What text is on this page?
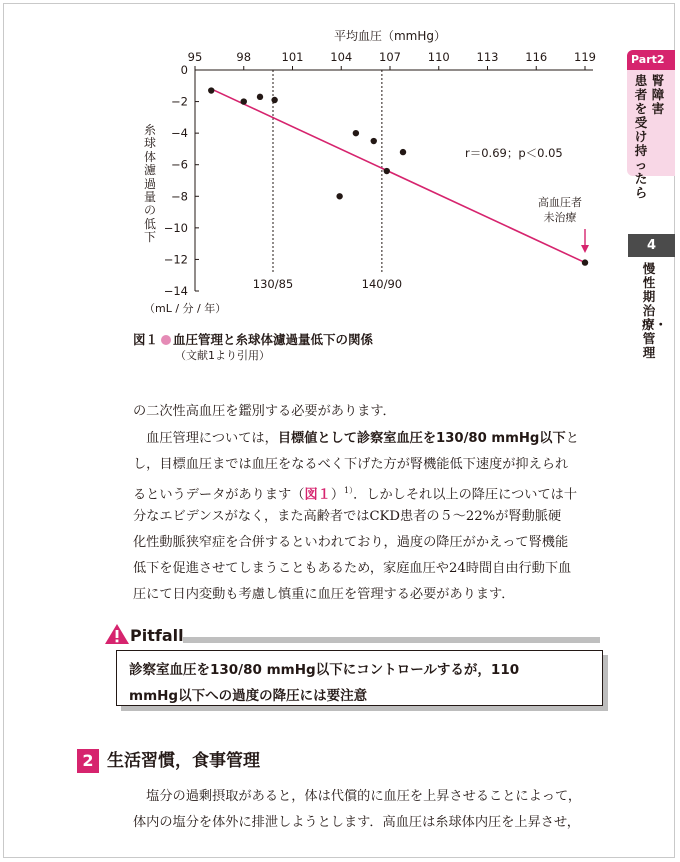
95	98	101 104 107 110 113 116 119
0
−2
−4
−6
−8
−10
−12
−14
平均血圧（mmHg）
130/85	140/90
r＝0.69；p＜0.05
高血圧者
未治療
糸球体濾過量の低下
（mL / 分 / 年）
図１ 血圧管理と糸球体濾過量低下の関係
（文献1より引用）
の二次性高血圧を鑑別する必要があります．
　血圧管理については，目標値として診察室血圧を130/80 mmHg以下と
し，目標血圧までは血圧をなるべく下げた方が腎機能低下速度が抑えられ
るというデータがあります（図１）$^{1)}$．しかしそれ以上の降圧については十
分なエビデンスがなく，また高齢者ではCKD患者の５～22%が腎動脈硬
化性動脈狭窄症を合併するといわれており，過度の降圧がかえって腎機能
低下を促進させてしまうこともあるため，家庭血圧や24時間自由行動下血
圧にて日内変動も考慮し慎重に血圧を管理する必要があります．
Pitfall
診察室血圧を130/80 mmHg以下にコントロールするが，110
mmHg以下への過度の降圧には要注意
2 生活習慣，食事管理
　塩分の過剰摂取があると，体は代償的に血圧を上昇させることによって，
体内の塩分を体外に排泄しようとします．高血圧は糸球体内圧を上昇させ，
Part2
腎障害
患者を受け持ったら
4
慢性期治療・管理
